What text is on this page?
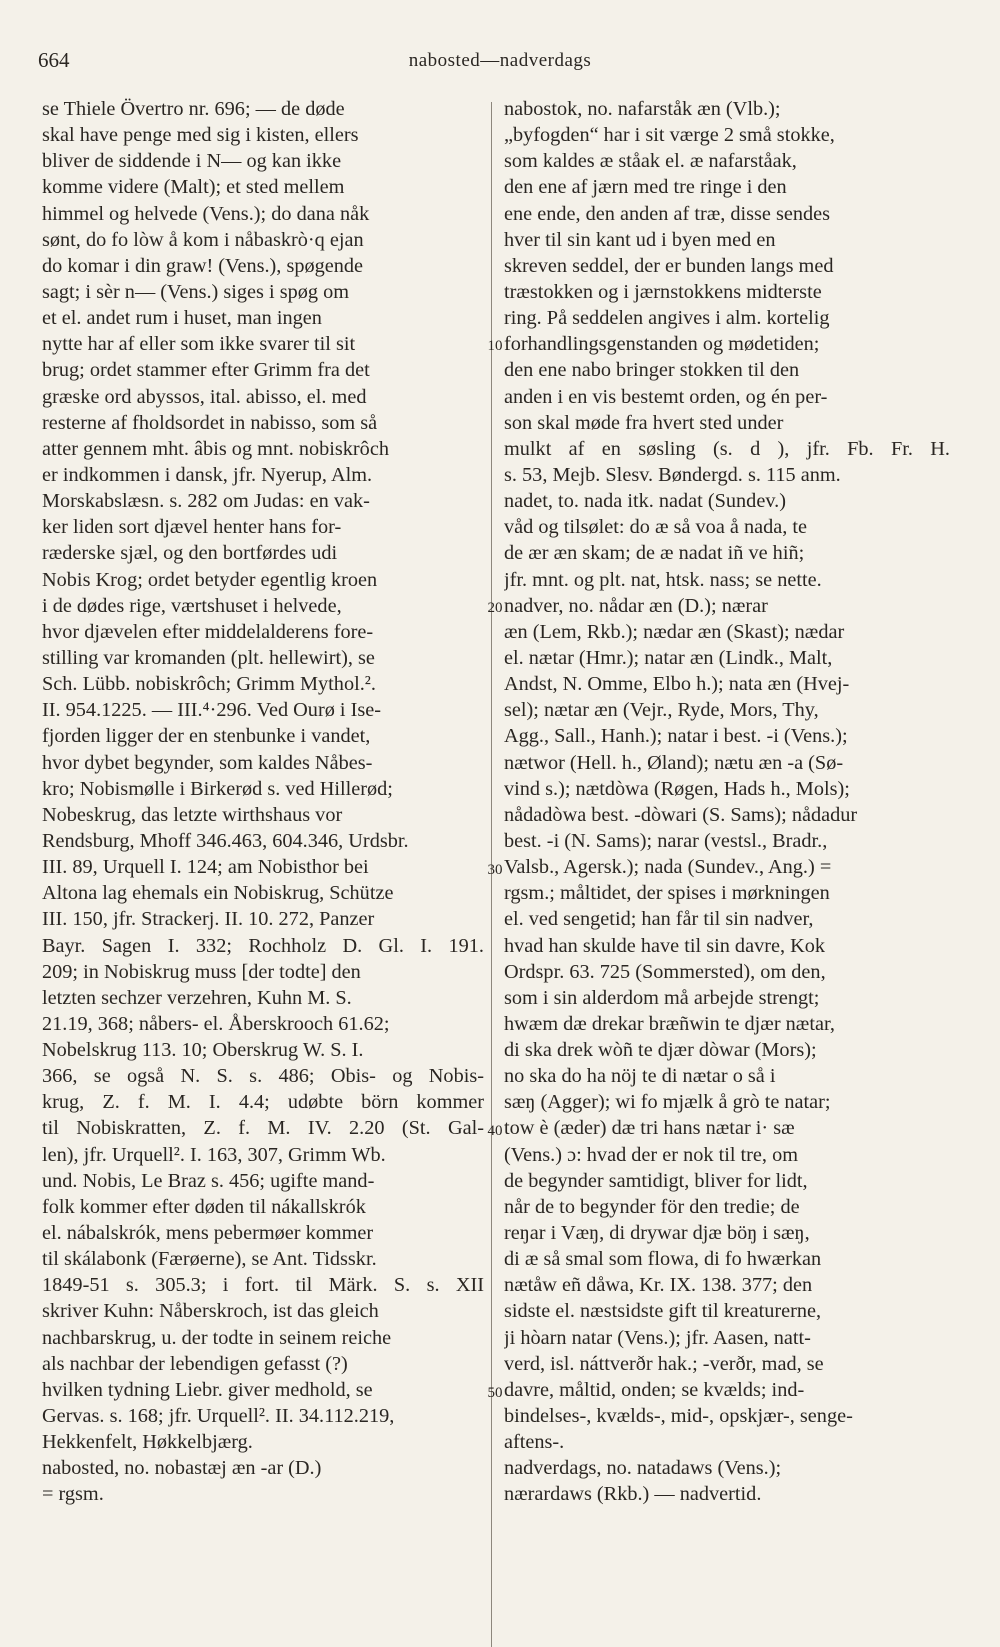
664	nabosted—nadverdags
10
20
30
40
50
se Thiele Övertro nr. 696; — de døde
skal have penge med sig i kisten, ellers
bliver de siddende i N— og kan ikke
komme videre (Malt); et sted mellem
himmel og helvede (Vens.); do dana nåk
sønt, do fo lòw å kom i nåbaskrò·q ejan
do komar i din graw! (Vens.), spøgende
sagt; i sèr n— (Vens.) siges i spøg om
et el. andet rum i huset, man ingen
nytte har af eller som ikke svarer til sit
brug; ordet stammer efter Grimm fra det
græske ord abyssos, ital. abisso, el. med
resterne af fholdsordet in nabisso, som så
atter gennem mht. âbis og mnt. nobiskrôch
er indkommen i dansk, jfr. Nyerup, Alm.
Morskabslæsn. s. 282 om Judas: en vak-
ker liden sort djævel henter hans for-
ræderske sjæl, og den bortførdes udi
Nobis Krog; ordet betyder egentlig kroen
i de dødes rige, værtshuset i helvede,
hvor djævelen efter middelalderens fore-
stilling var kromanden (plt. hellewirt), se
Sch. Lübb. nobiskrôch; Grimm Mythol.².
II. 954.1225. — III.⁴·296. Ved Ourø i Ise-
fjorden ligger der en stenbunke i vandet,
hvor dybet begynder, som kaldes Nåbes-
kro; Nobismølle i Birkerød s. ved Hillerød;
Nobeskrug, das letzte wirthshaus vor
Rendsburg, Mhoff 346.463, 604.346, Urdsbr.
III. 89, Urquell I. 124; am Nobisthor bei
Altona lag ehemals ein Nobiskrug, Schütze
III. 150, jfr. Strackerj. II. 10. 272, Panzer
Bayr. Sagen I. 332; Rochholz D. Gl. I. 191.
209; in Nobiskrug muss [der todte] den
letzten sechzer verzehren, Kuhn M. S.
21.19, 368; nåbers- el. Åberskrooch 61.62;
Nobelskrug 113. 10; Oberskrug W. S. I.
366, se også N. S. s. 486; Obis- og Nobis-
krug, Z. f. M. I. 4.4; udøbte börn kommer
til Nobiskratten, Z. f. M. IV. 2.20 (St. Gal-
len), jfr. Urquell². I. 163, 307, Grimm Wb.
und. Nobis, Le Braz s. 456; ugifte mand-
folk kommer efter døden til nákallskrók
el. nábalskrók, mens pebermøer kommer
til skálabonk (Færøerne), se Ant. Tidsskr.
1849-51 s. 305.3; i fort. til Märk. S. s. XII
skriver Kuhn: Nåberskroch, ist das gleich
nachbarskrug, u. der todte in seinem reiche
als nachbar der lebendigen gefasst (?)
hvilken tydning Liebr. giver medhold, se
Gervas. s. 168; jfr. Urquell². II. 34.112.219,
Hekkenfelt, Høkkelbjærg.
nabosted, no. nobastæj æn -ar (D.)
= rgsm.
nabostok, no. nafarståk æn (Vlb.);
„byfogden“ har i sit værge 2 små stokke,
som kaldes æ ståak el. æ nafarståak,
den ene af jærn med tre ringe i den
ene ende, den anden af træ, disse sendes
hver til sin kant ud i byen med en
skreven seddel, der er bunden langs med
træstokken og i jærnstokkens midterste
ring. På seddelen angives i alm. kortelig
forhandlingsgenstanden og mødetiden;
den ene nabo bringer stokken til den
anden i en vis bestemt orden, og én per-
son skal møde fra hvert sted under
mulkt af en søsling (s. d ), jfr. Fb. Fr. H.
s. 53, Mejb. Slesv. Bøndergd. s. 115 anm.
nadet, to. nada itk. nadat (Sundev.)
våd og tilsølet: do æ så voa å nada, te
de ær æn skam; de æ nadat iñ ve hiñ;
jfr. mnt. og plt. nat, htsk. nass; se nette.
nadver, no. nådar æn (D.); nærar
æn (Lem, Rkb.); nædar æn (Skast); nædar
el. nætar (Hmr.); natar æn (Lindk., Malt,
Andst, N. Omme, Elbo h.); nata æn (Hvej-
sel); nætar æn (Vejr., Ryde, Mors, Thy,
Agg., Sall., Hanh.); natar i best. -i (Vens.);
nætwor (Hell. h., Øland); nætu æn -a (Sø-
vind s.); nætdòwa (Røgen, Hads h., Mols);
nådadòwa best. -dòwari (S. Sams); nådadur
best. -i (N. Sams); narar (vestsl., Bradr.,
Valsb., Agersk.); nada (Sundev., Ang.) =
rgsm.; måltidet, der spises i mørkningen
el. ved sengetid; han får til sin nadver,
hvad han skulde have til sin davre, Kok
Ordspr. 63. 725 (Sommersted), om den,
som i sin alderdom må arbejde strengt;
hwæm dæ drekar bræñwin te djær nætar,
di ska drek wòñ te djær dòwar (Mors);
no ska do ha nöj te di nætar o så i
sæŋ (Agger); wi fo mjælk å grò te natar;
tow è (æder) dæ tri hans nætar i· sæ
(Vens.) ɔ: hvad der er nok til tre, om
de begynder samtidigt, bliver for lidt,
når de to begynder för den tredie; de
reŋar i Væŋ, di drywar djæ böŋ i sæŋ,
di æ så smal som flowa, di fo hwærkan
nætåw eñ dåwa, Kr. IX. 138. 377; den
sidste el. næstsidste gift til kreaturerne,
ji hòarn natar (Vens.); jfr. Aasen, natt-
verd, isl. náttverðr hak.; -verðr, mad, se
davre, måltid, onden; se kvælds; ind-
bindelses-, kvælds-, mid-, opskjær-, senge-
aftens-.
nadverdags, no. natadaws (Vens.);
nærardaws (Rkb.) — nadvertid.
